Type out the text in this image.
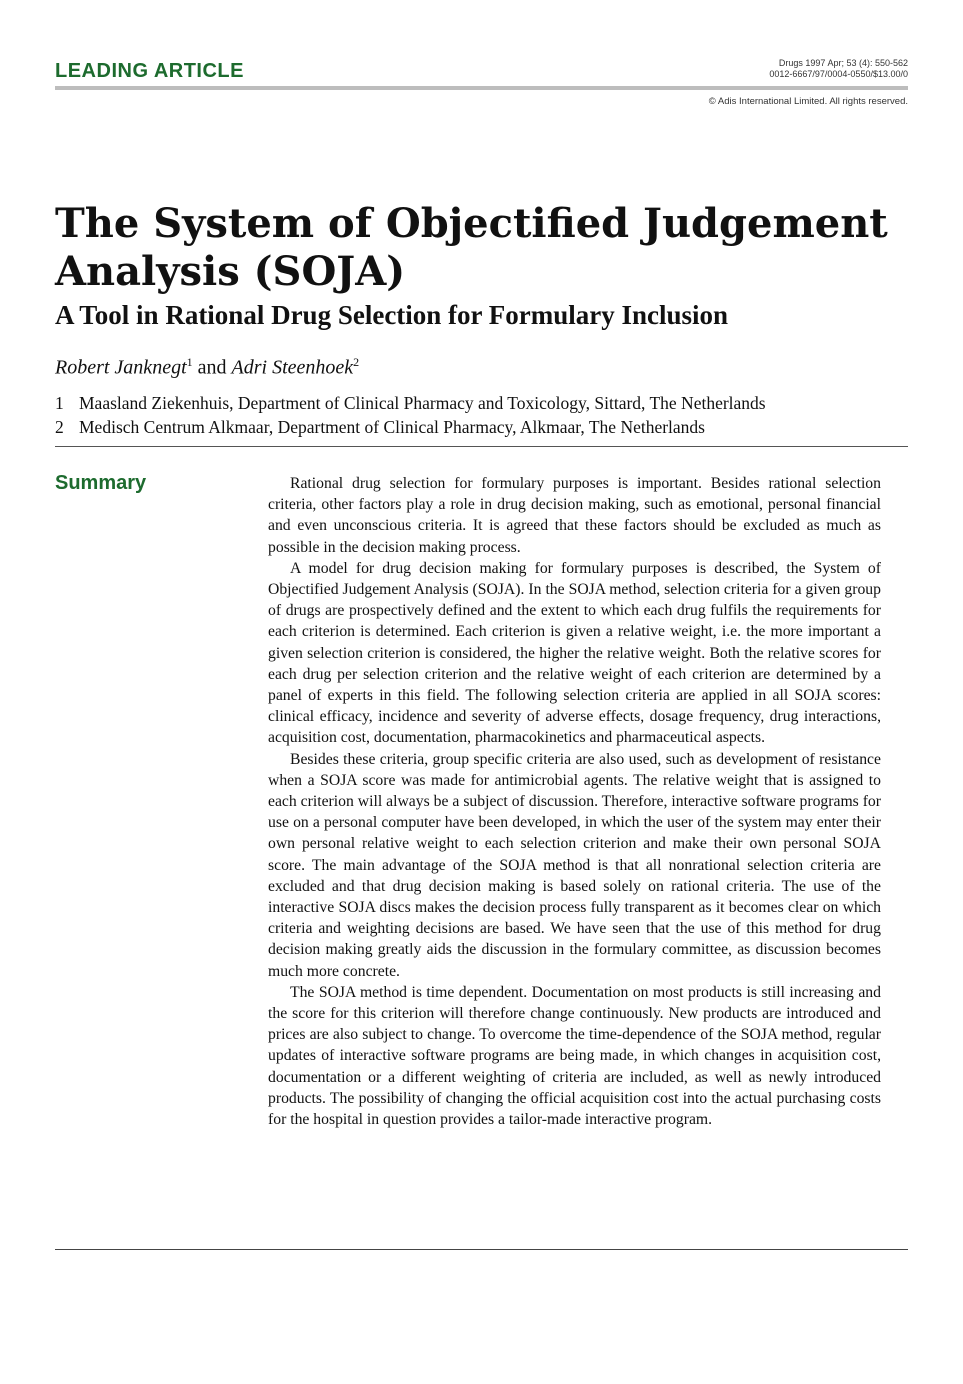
LEADING ARTICLE	Drugs 1997 Apr; 53 (4): 550-562
0012-6667/97/0004-0550/$13.00/0
© Adis International Limited. All rights reserved.
The System of Objectified Judgement Analysis (SOJA)
A Tool in Rational Drug Selection for Formulary Inclusion
Robert Janknegt$^1$ and Adri Steenhoek$^2$
1 Maasland Ziekenhuis, Department of Clinical Pharmacy and Toxicology, Sittard, The Netherlands
2 Medisch Centrum Alkmaar, Department of Clinical Pharmacy, Alkmaar, The Netherlands
Summary	Rational drug selection for formulary purposes is important. Besides rational selection criteria, other factors play a role in drug decision making, such as emotional, personal financial and even unconscious criteria. It is agreed that these factors should be excluded as much as possible in the decision making process.

A model for drug decision making for formulary purposes is described, the System of Objectified Judgement Analysis (SOJA). In the SOJA method, selection criteria for a given group of drugs are prospectively defined and the extent to which each drug fulfils the requirements for each criterion is determined. Each criterion is given a relative weight, i.e. the more important a given selection criterion is considered, the higher the relative weight. Both the relative scores for each drug per selection criterion and the relative weight of each criterion are determined by a panel of experts in this field. The following selection criteria are applied in all SOJA scores: clinical efficacy, incidence and severity of adverse effects, dosage frequency, drug interactions, acquisition cost, documentation, pharmacokinetics and pharmaceutical aspects.

Besides these criteria, group specific criteria are also used, such as development of resistance when a SOJA score was made for antimicrobial agents. The relative weight that is assigned to each criterion will always be a subject of discussion. Therefore, interactive software programs for use on a personal computer have been developed, in which the user of the system may enter their own personal relative weight to each selection criterion and make their own personal SOJA score. The main advantage of the SOJA method is that all nonrational selection criteria are excluded and that drug decision making is based solely on rational criteria. The use of the interactive SOJA discs makes the decision process fully transparent as it becomes clear on which criteria and weighting decisions are based. We have seen that the use of this method for drug decision making greatly aids the discussion in the formulary committee, as discussion becomes much more concrete.

The SOJA method is time dependent. Documentation on most products is still increasing and the score for this criterion will therefore change continuously. New products are introduced and prices are also subject to change. To overcome the time-dependence of the SOJA method, regular updates of interactive software programs are being made, in which changes in acquisition cost, documentation or a different weighting of criteria are included, as well as newly introduced products. The possibility of changing the official acquisition cost into the actual purchasing costs for the hospital in question provides a tailor-made interactive program.
